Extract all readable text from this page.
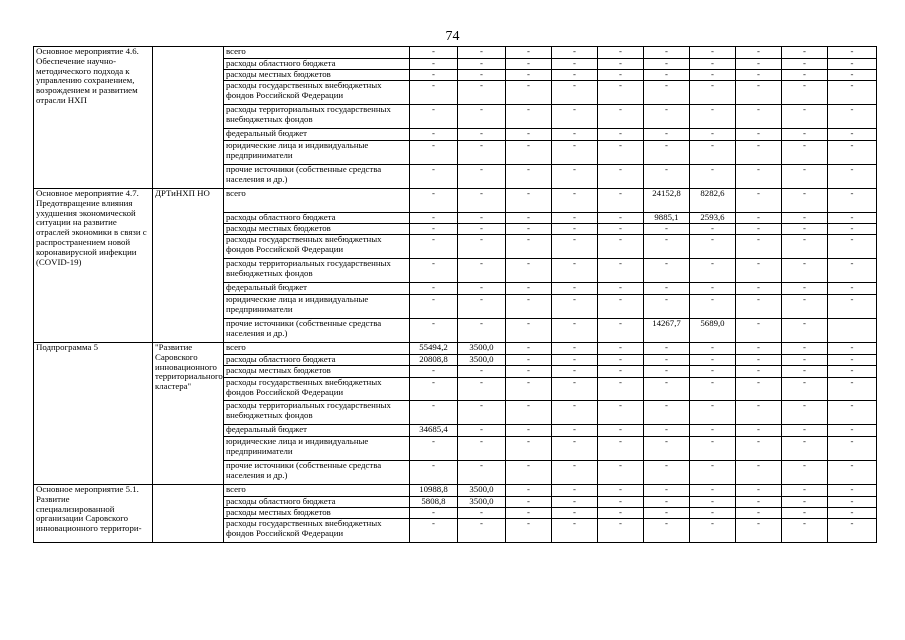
74
Основное мероприятие 4.6. Обеспечение научно-методического подхода к управлению сохранением, возрождением и развитием отрасли НХП		всего	-	-	-	-	-	-	-	-	-	-
		расходы областного бюджета	-	-	-	-	-	-	-	-	-	-
		расходы местных бюджетов	-	-	-	-	-	-	-	-	-	-
		расходы государственных внебюджетных фондов Российской Федерации	-	-	-	-	-	-	-	-	-	-
		расходы территориальных государственных внебюджетных фондов	-	-	-	-	-	-	-	-	-	-
		федеральный бюджет	-	-	-	-	-	-	-	-	-	-
		юридические лица и индивидуальные предприниматели	-	-	-	-	-	-	-	-	-	-
		прочие источники (собственные средства населения и др.)	-	-	-	-	-	-	-	-	-	-
Основное мероприятие 4.7. Предотвращение влияния ухудшения экономической ситуации на развитие отраслей экономики в связи с распространением новой коронавирусной инфекции (COVID-19)	ДРТиНХП НО	всего	-	-	-	-	-	24152,8	8282,6	-	-	-
		расходы областного бюджета	-	-	-	-	-	9885,1	2593,6	-	-	-
		расходы местных бюджетов	-	-	-	-	-	-	-	-	-	-
		расходы государственных внебюджетных фондов Российской Федерации	-	-	-	-	-	-	-	-	-	-
		расходы территориальных государственных внебюджетных фондов	-	-	-	-	-	-	-	-	-	-
		федеральный бюджет	-	-	-	-	-	-	-	-	-	-
		юридические лица и индивидуальные предприниматели	-	-	-	-	-	-	-	-	-	-
		прочие источники (собственные средства населения и др.)	-	-	-	-	-	14267,7	5689,0	-	-	
Подпрограмма 5	"Развитие Саровского инновационного территориального кластера"	всего	55494,2	3500,0	-	-	-	-	-	-	-	-
		расходы областного бюджета	20808,8	3500,0	-	-	-	-	-	-	-	-
		расходы местных бюджетов	-	-	-	-	-	-	-	-	-	-
		расходы государственных внебюджетных фондов Российской Федерации	-	-	-	-	-	-	-	-	-	-
		расходы территориальных государственных внебюджетных фондов	-	-	-	-	-	-	-	-	-	-
		федеральный бюджет	34685,4	-	-	-	-	-	-	-	-	-
		юридические лица и индивидуальные предприниматели	-	-	-	-	-	-	-	-	-	-
		прочие источники (собственные средства населения и др.)	-	-	-	-	-	-	-	-	-	-
Основное мероприятие 5.1. Развитие специализированной организации Саровского инновационного территори-		всего	10988,8	3500,0	-	-	-	-	-	-	-	-
		расходы областного бюджета	5808,8	3500,0	-	-	-	-	-	-	-	-
		расходы местных бюджетов	-	-	-	-	-	-	-	-	-	-
		расходы государственных внебюджетных фондов Российской Федерации	-	-	-	-	-	-	-	-	-	-
